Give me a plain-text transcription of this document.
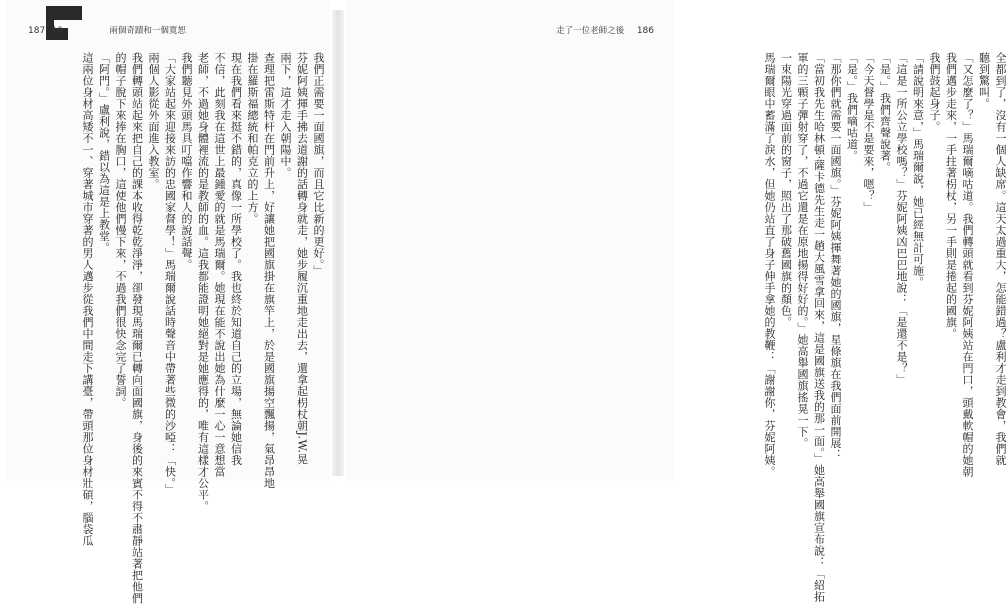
187 16	兩個奇蹟和一個寬恕
我們正需要一面國旗，而且它比新的更好。」
芬妮阿姨揮手拂去道謝的話轉身就走，她步履沉重地走出去，還拿起枴杖朝J.W.晃
兩下，這才走入朝陽中。
查理把雷斯特杆在門前升上，好讓她把國旗掛在旗竿上，於是國旗揚空飄揚，氣昂昂地
掛在羅斯福總統和帕克立的上方。
現在我們看來挺不錯的，真像一所學校了。我也終於知道自己的立場，無論她信我
不信，此刻我在這世上最鍾愛的就是馬瑞爾。她現在能不說出她為什麼一心一意想當
老師，不過她身體裡流的是教師的血。這我都能證明她絕對是她應得的，唯有這樣才公平。
我們聽見外頭馬具叮噹作響和人的說話聲。
「大家站起來迎接來訪的忠國家督學！」馬瑞爾說話時聲音中帶著些微的沙啞：「快。」
兩個人影從外面進入教室。
我們轉頭站起來把自己的課本收得乾乾淨淨，卻發現馬瑞爾已轉向面國旗，身後的來賓不得不肅靜站著把他們
的帽子脫下來捧在胸口，這使他們慢下來，不過我們很快念完了誓詞。
「阿門。」盧利說，錯以為這是上教堂。
這兩位身材高矮不一、穿著城市穿著的男人邁步從我們中間走下講臺，帶頭那位身材壯碩，腦袋瓜
走了一位老師之後 186
全都到了，沒有一個人缺席。這天太過重大，怎能錯過？盧利才走到教會，我們就
聽到驚叫。
「又怎麼了？」馬瑞爾嘀咕道。我們轉頭就看到芬妮阿姨站在門口，頭戴軟帽的她朝
我們邁步走來，一手拄著枴杖，另一手則是捲起的國旗。
我們鼓起身子。
「請說明來意，」馬瑞爾說，她已經無計可施。
「這是一所公立學校嗎？」芬妮阿姨凶巴巴地說：「是還不是？」
「是。」我們齊聲說著。
「今天督學是不是要來，嗯？」
「是。」我們嘀咕道。
「那你們就需要一面國旗。」芬妮阿姨揮舞著她的國旗，星條旗在我們面前開展：
「當初我先生哈林頓‧薩卡德先生走一趟大風雪拿回來，這是國旗送我的那一面。」她高舉國旗宣布說：「紹拓
軍的三顆子彈射穿了，不過它還是在原地揚得好好的。」她高舉國旗搖晃一下。
一束陽光穿過面前的窗子，照出了那破舊國旗的顏色。
馬瑞爾眼中蓄滿了淚水，但她仍站直了身子伸手拿她的教鞭：「謝謝你，芬妮阿姨。
